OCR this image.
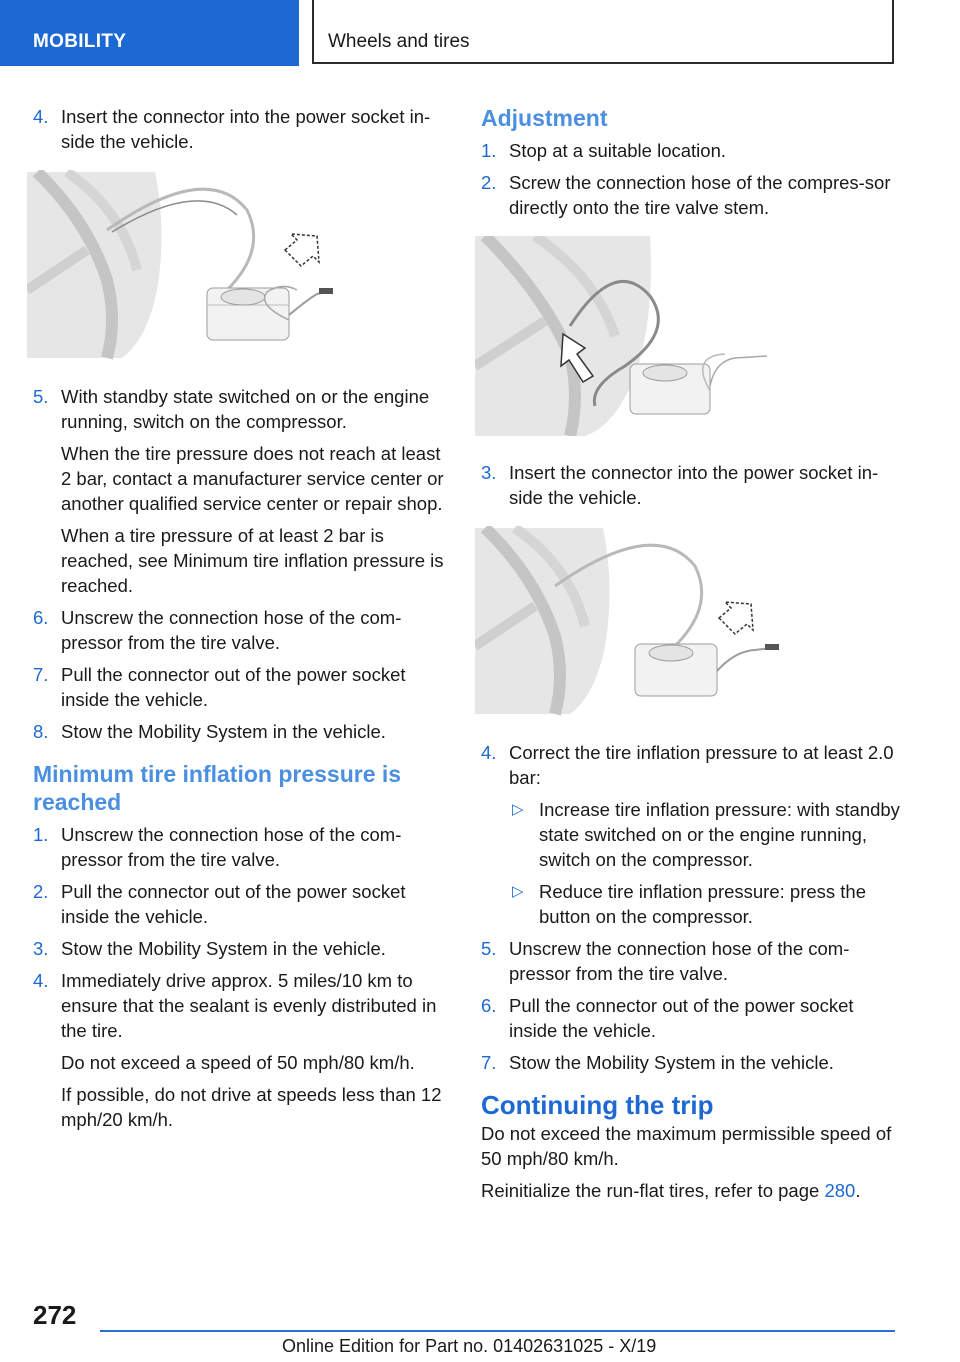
MOBILITY	Wheels and tires
4. Insert the connector into the power socket in-side the vehicle.

5. With standby state switched on or the engine running, switch on the compressor.

When the tire pressure does not reach at least 2 bar, contact a manufacturer service center or another qualified service center or repair shop.

When a tire pressure of at least 2 bar is reached, see Minimum tire inflation pressure is reached.

6. Unscrew the connection hose of the com-pressor from the tire valve.

7. Pull the connector out of the power socket inside the vehicle.

8. Stow the Mobility System in the vehicle.

Minimum tire inflation pressure is reached
1. Unscrew the connection hose of the com-pressor from the tire valve.

2. Pull the connector out of the power socket inside the vehicle.

3. Stow the Mobility System in the vehicle.

4. Immediately drive approx. 5 miles/10 km to ensure that the sealant is evenly distributed in the tire.

Do not exceed a speed of 50 mph/80 km/h.

If possible, do not drive at speeds less than 12 mph/20 km/h.

Adjustment
1. Stop at a suitable location.

2. Screw the connection hose of the compres-sor directly onto the tire valve stem.

3. Insert the connector into the power socket in-side the vehicle.

4. Correct the tire inflation pressure to at least 2.0 bar:

▷ Increase tire inflation pressure: with standby state switched on or the engine running, switch on the compressor.
▷ Reduce tire inflation pressure: press the button on the compressor.
5. Unscrew the connection hose of the com-pressor from the tire valve.

6. Pull the connector out of the power socket inside the vehicle.

7. Stow the Mobility System in the vehicle.

Continuing the trip

Do not exceed the maximum permissible speed of 50 mph/80 km/h.

Reinitialize the run-flat tires, refer to page 280.

272
Online Edition for Part no. 01402631025 - X/19
